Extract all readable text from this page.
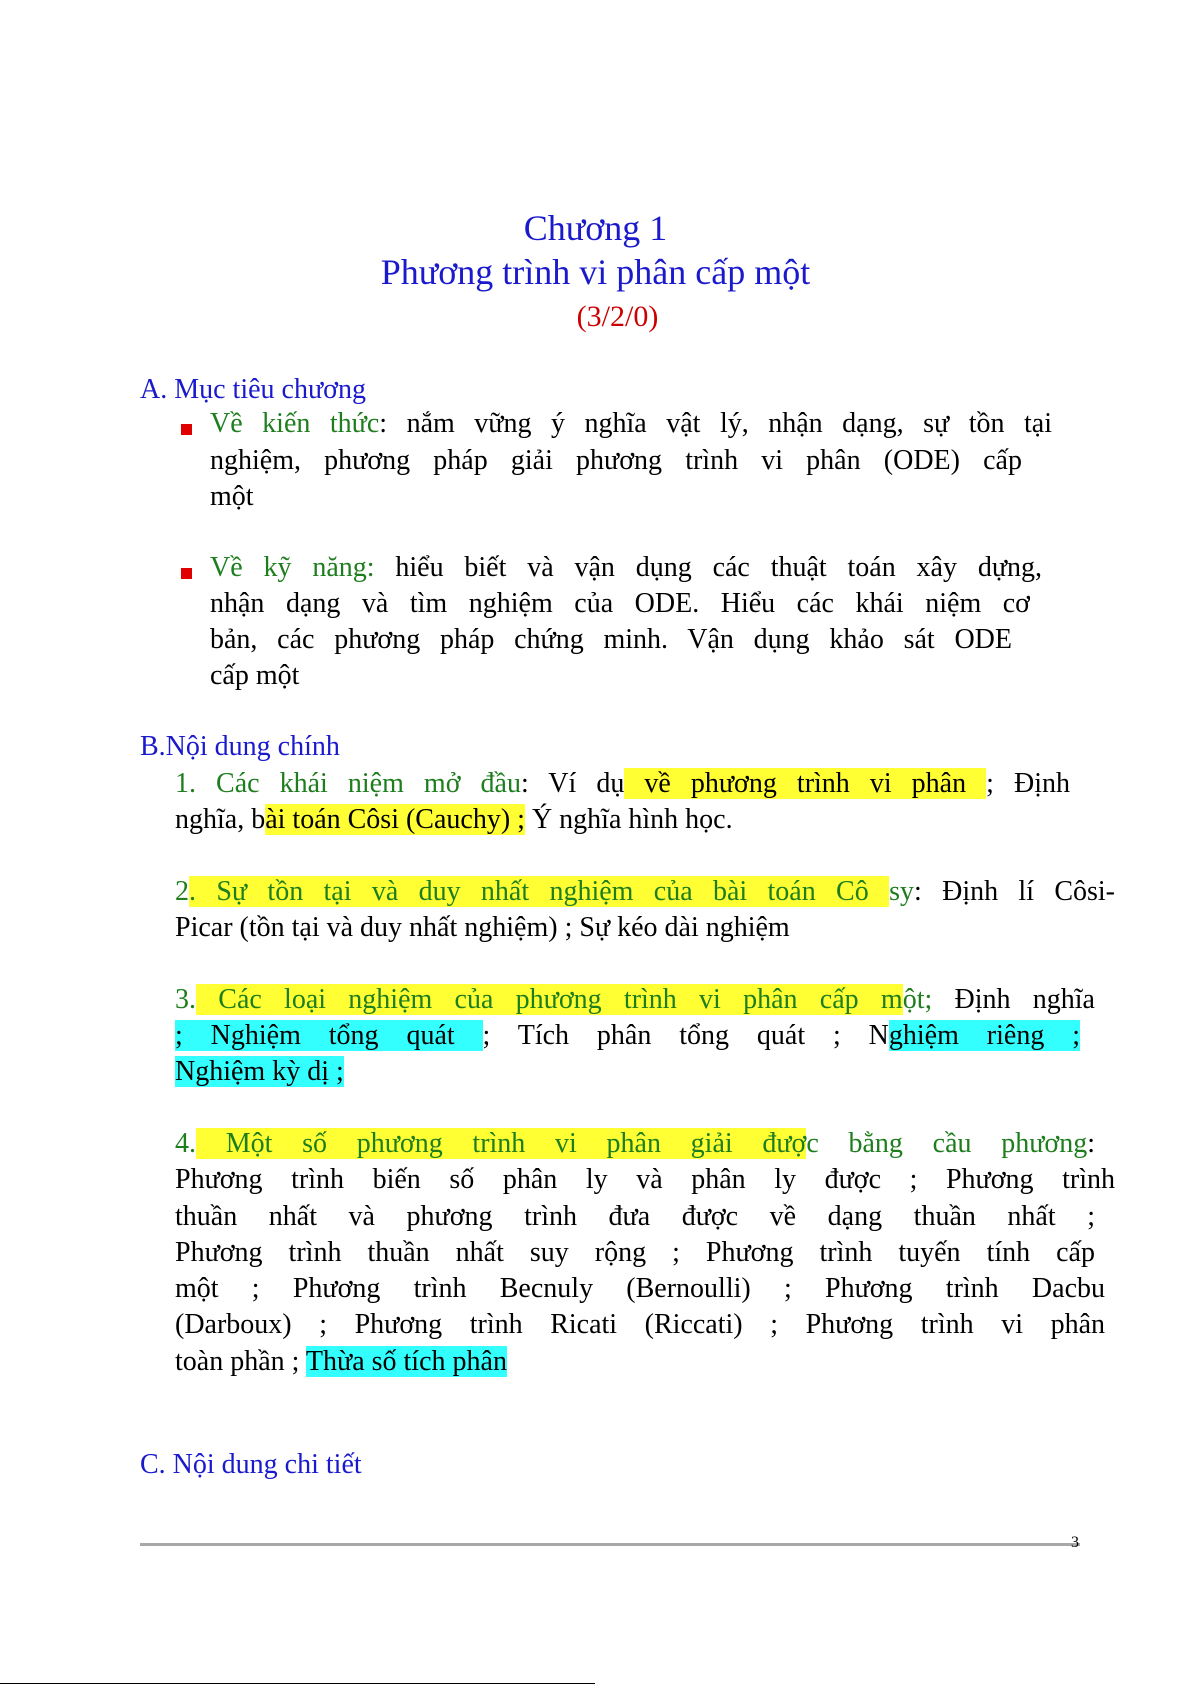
Chương 1
Phương trình vi phân cấp một
(3/2/0)
A. Mục tiêu chương
Về kiến thức: nắm vững ý nghĩa vật lý, nhận dạng, sự tồn tại
nghiệm, phương pháp giải phương trình vi phân (ODE) cấp
một
Về kỹ năng: hiểu biết và vận dụng các thuật toán xây dựng,
nhận dạng và tìm nghiệm của ODE. Hiểu các khái niệm cơ
bản, các phương pháp chứng minh. Vận dụng khảo sát ODE
cấp một
B.Nội dung chính
1. Các khái niệm mở đầu: Ví dụ về phương trình vi phân ; Định
nghĩa, bài toán Côsi (Cauchy) ; Ý nghĩa hình học.
2. Sự tồn tại và duy nhất nghiệm của bài toán Cô sy: Định lí Côsi-
Picar (tồn tại và duy nhất nghiệm) ; Sự kéo dài nghiệm
3. Các loại nghiệm của phương trình vi phân cấp một; Định nghĩa
; Nghiệm tổng quát ; Tích phân tổng quát ; Nghiệm riêng ;
Nghiệm kỳ dị ;
4. Một số phương trình vi phân giải được bằng cầu phương:
Phương trình biến số phân ly và phân ly được ; Phương trình
thuần nhất và phương trình đưa được về dạng thuần nhất ;
Phương trình thuần nhất suy rộng ; Phương trình tuyến tính cấp
một ; Phương trình Becnuly (Bernoulli) ; Phương trình Dacbu
(Darboux) ; Phương trình Ricati (Riccati) ; Phương trình vi phân
toàn phần ; Thừa số tích phân
C. Nội dung chi tiết
3
